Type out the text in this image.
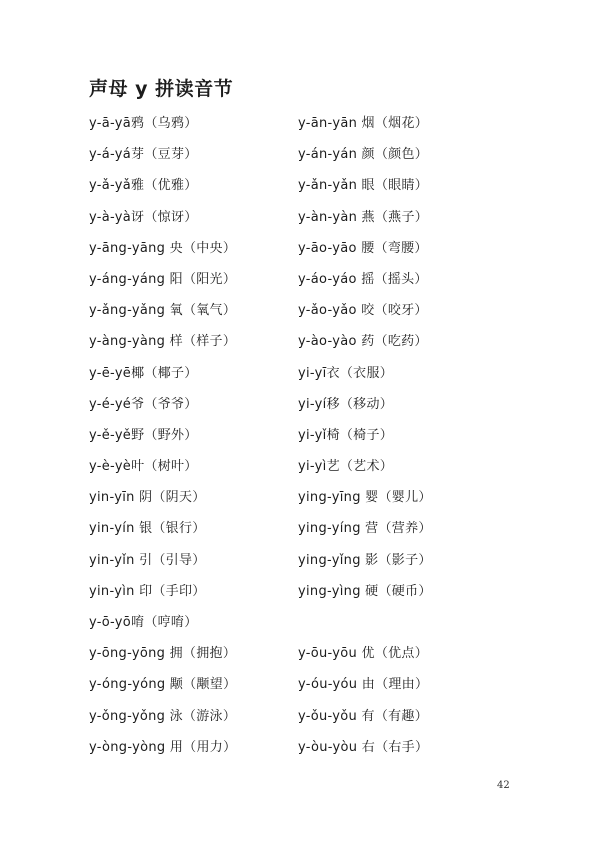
声母 y 拼读音节
y-ā-yā鸦（乌鸦）
y-á-yá芽（豆芽）
y-ǎ-yǎ雅（优雅）
y-à-yà讶（惊讶）
y-āng-yāng 央（中央）
y-áng-yáng 阳（阳光）
y-ǎng-yǎng 氧（氧气）
y-àng-yàng 样（样子）
y-ē-yē椰（椰子）
y-é-yé爷（爷爷）
y-ě-yě野（野外）
y-è-yè叶（树叶）
yin-yīn 阴（阴天）
yin-yín 银（银行）
yin-yǐn 引（引导）
yin-yìn 印（手印）
y-ō-yō唷（哼唷）
y-ōng-yōng 拥（拥抱）
y-óng-yóng 颙（颙望）
y-ǒng-yǒng 泳（游泳）
y-òng-yòng 用（用力）
y-ān-yān 烟（烟花）
y-án-yán 颜（颜色）
y-ǎn-yǎn 眼（眼睛）
y-àn-yàn 燕（燕子）
y-āo-yāo 腰（弯腰）
y-áo-yáo 摇（摇头）
y-ǎo-yǎo 咬（咬牙）
y-ào-yào 药（吃药）
yi-yī衣（衣服）
yi-yí移（移动）
yi-yǐ椅（椅子）
yi-yì艺（艺术）
ying-yīng 婴（婴儿）
ying-yíng 营（营养）
ying-yǐng 影（影子）
ying-yìng 硬（硬币）
y-ōu-yōu 优（优点）
y-óu-yóu 由（理由）
y-ǒu-yǒu 有（有趣）
y-òu-yòu 右（右手）
42
